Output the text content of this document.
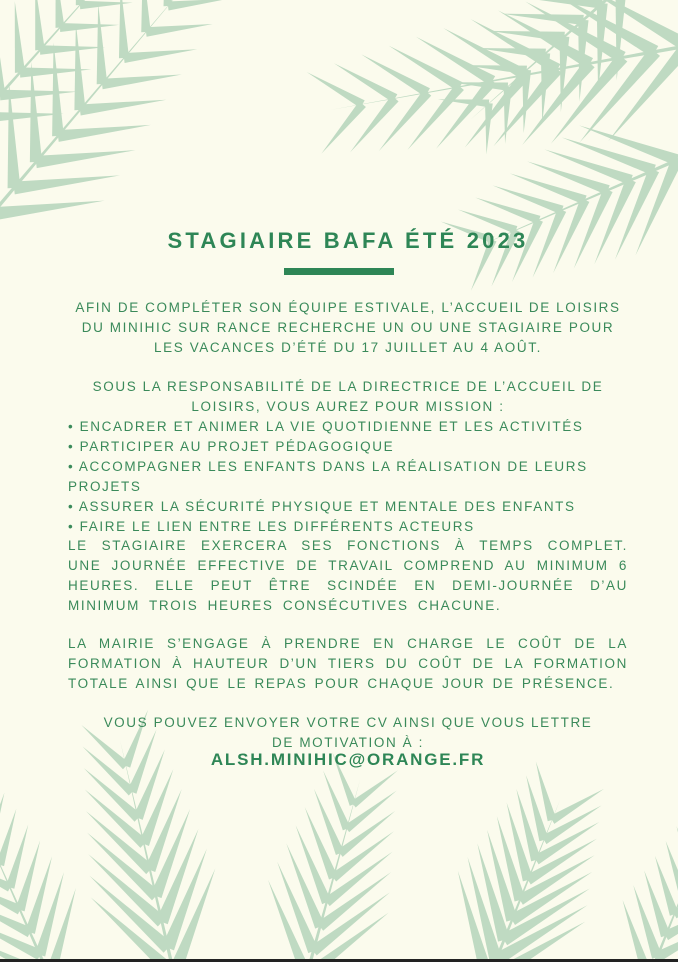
STAGIAIRE BAFA ÉTÉ 2023
AFIN DE COMPLÉTER SON ÉQUIPE ESTIVALE, L’ACCUEIL DE LOISIRS DU MINIHIC SUR RANCE RECHERCHE UN OU UNE STAGIAIRE POUR LES VACANCES D’ÉTÉ DU 17 JUILLET AU 4 AOÛT.
SOUS LA RESPONSABILITÉ DE LA DIRECTRICE DE L’ACCUEIL DE LOISIRS, VOUS AUREZ POUR MISSION :
• ENCADRER ET ANIMER LA VIE QUOTIDIENNE ET LES ACTIVITÉS
• PARTICIPER AU PROJET PÉDAGOGIQUE
• ACCOMPAGNER LES ENFANTS DANS LA RÉALISATION DE LEURS PROJETS
• ASSURER LA SÉCURITÉ PHYSIQUE ET MENTALE DES ENFANTS
• FAIRE LE LIEN ENTRE LES DIFFÉRENTS ACTEURS
LE STAGIAIRE EXERCERA SES FONCTIONS À TEMPS COMPLET. UNE JOURNÉE EFFECTIVE DE TRAVAIL COMPREND AU MINIMUM 6 HEURES. ELLE PEUT ÊTRE SCINDÉE EN DEMI-JOURNÉE D’AU MINIMUM TROIS HEURES CONSÉCUTIVES CHACUNE.
LA MAIRIE S’ENGAGE À PRENDRE EN CHARGE LE COÛT DE LA FORMATION À HAUTEUR D’UN TIERS DU COÛT DE LA FORMATION TOTALE AINSI QUE LE REPAS POUR CHAQUE JOUR DE PRÉSENCE.
VOUS POUVEZ ENVOYER VOTRE CV AINSI QUE VOUS LETTRE DE MOTIVATION À :
ALSH.MINIHIC@ORANGE.FR
